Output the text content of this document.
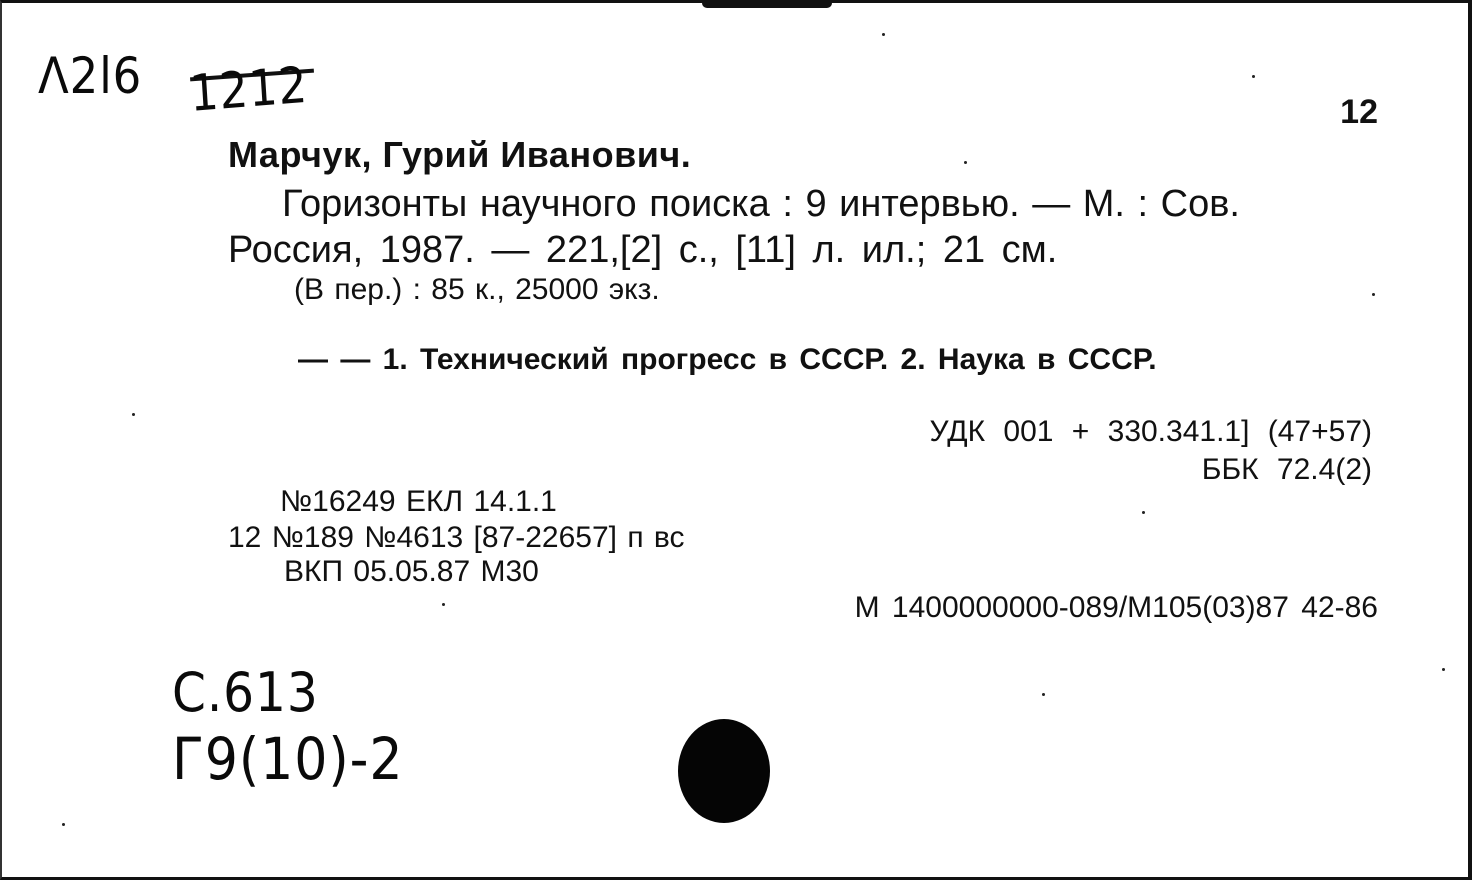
Λ2l6 1212	12
Марчук, Гурий Иванович.
Горизонты научного поиска : 9 интервью. — М. : Сов.
Россия, 1987. — 221,[2] с., [11] л. ил.; 21 см.
(В пер.) : 85 к., 25000 экз.
— — 1. Технический прогресс в СССР. 2. Наука в СССР.
УДК 001 + 330.341.1] (47+57)
ББК 72.4(2)
№16249 ЕКЛ 14.1.1
12 №189 №4613 [87-22657] п вс
ВКП 05.05.87 М30
М 1400000000-089/М105(03)87 42-86
С.613
Г9(10)-2
